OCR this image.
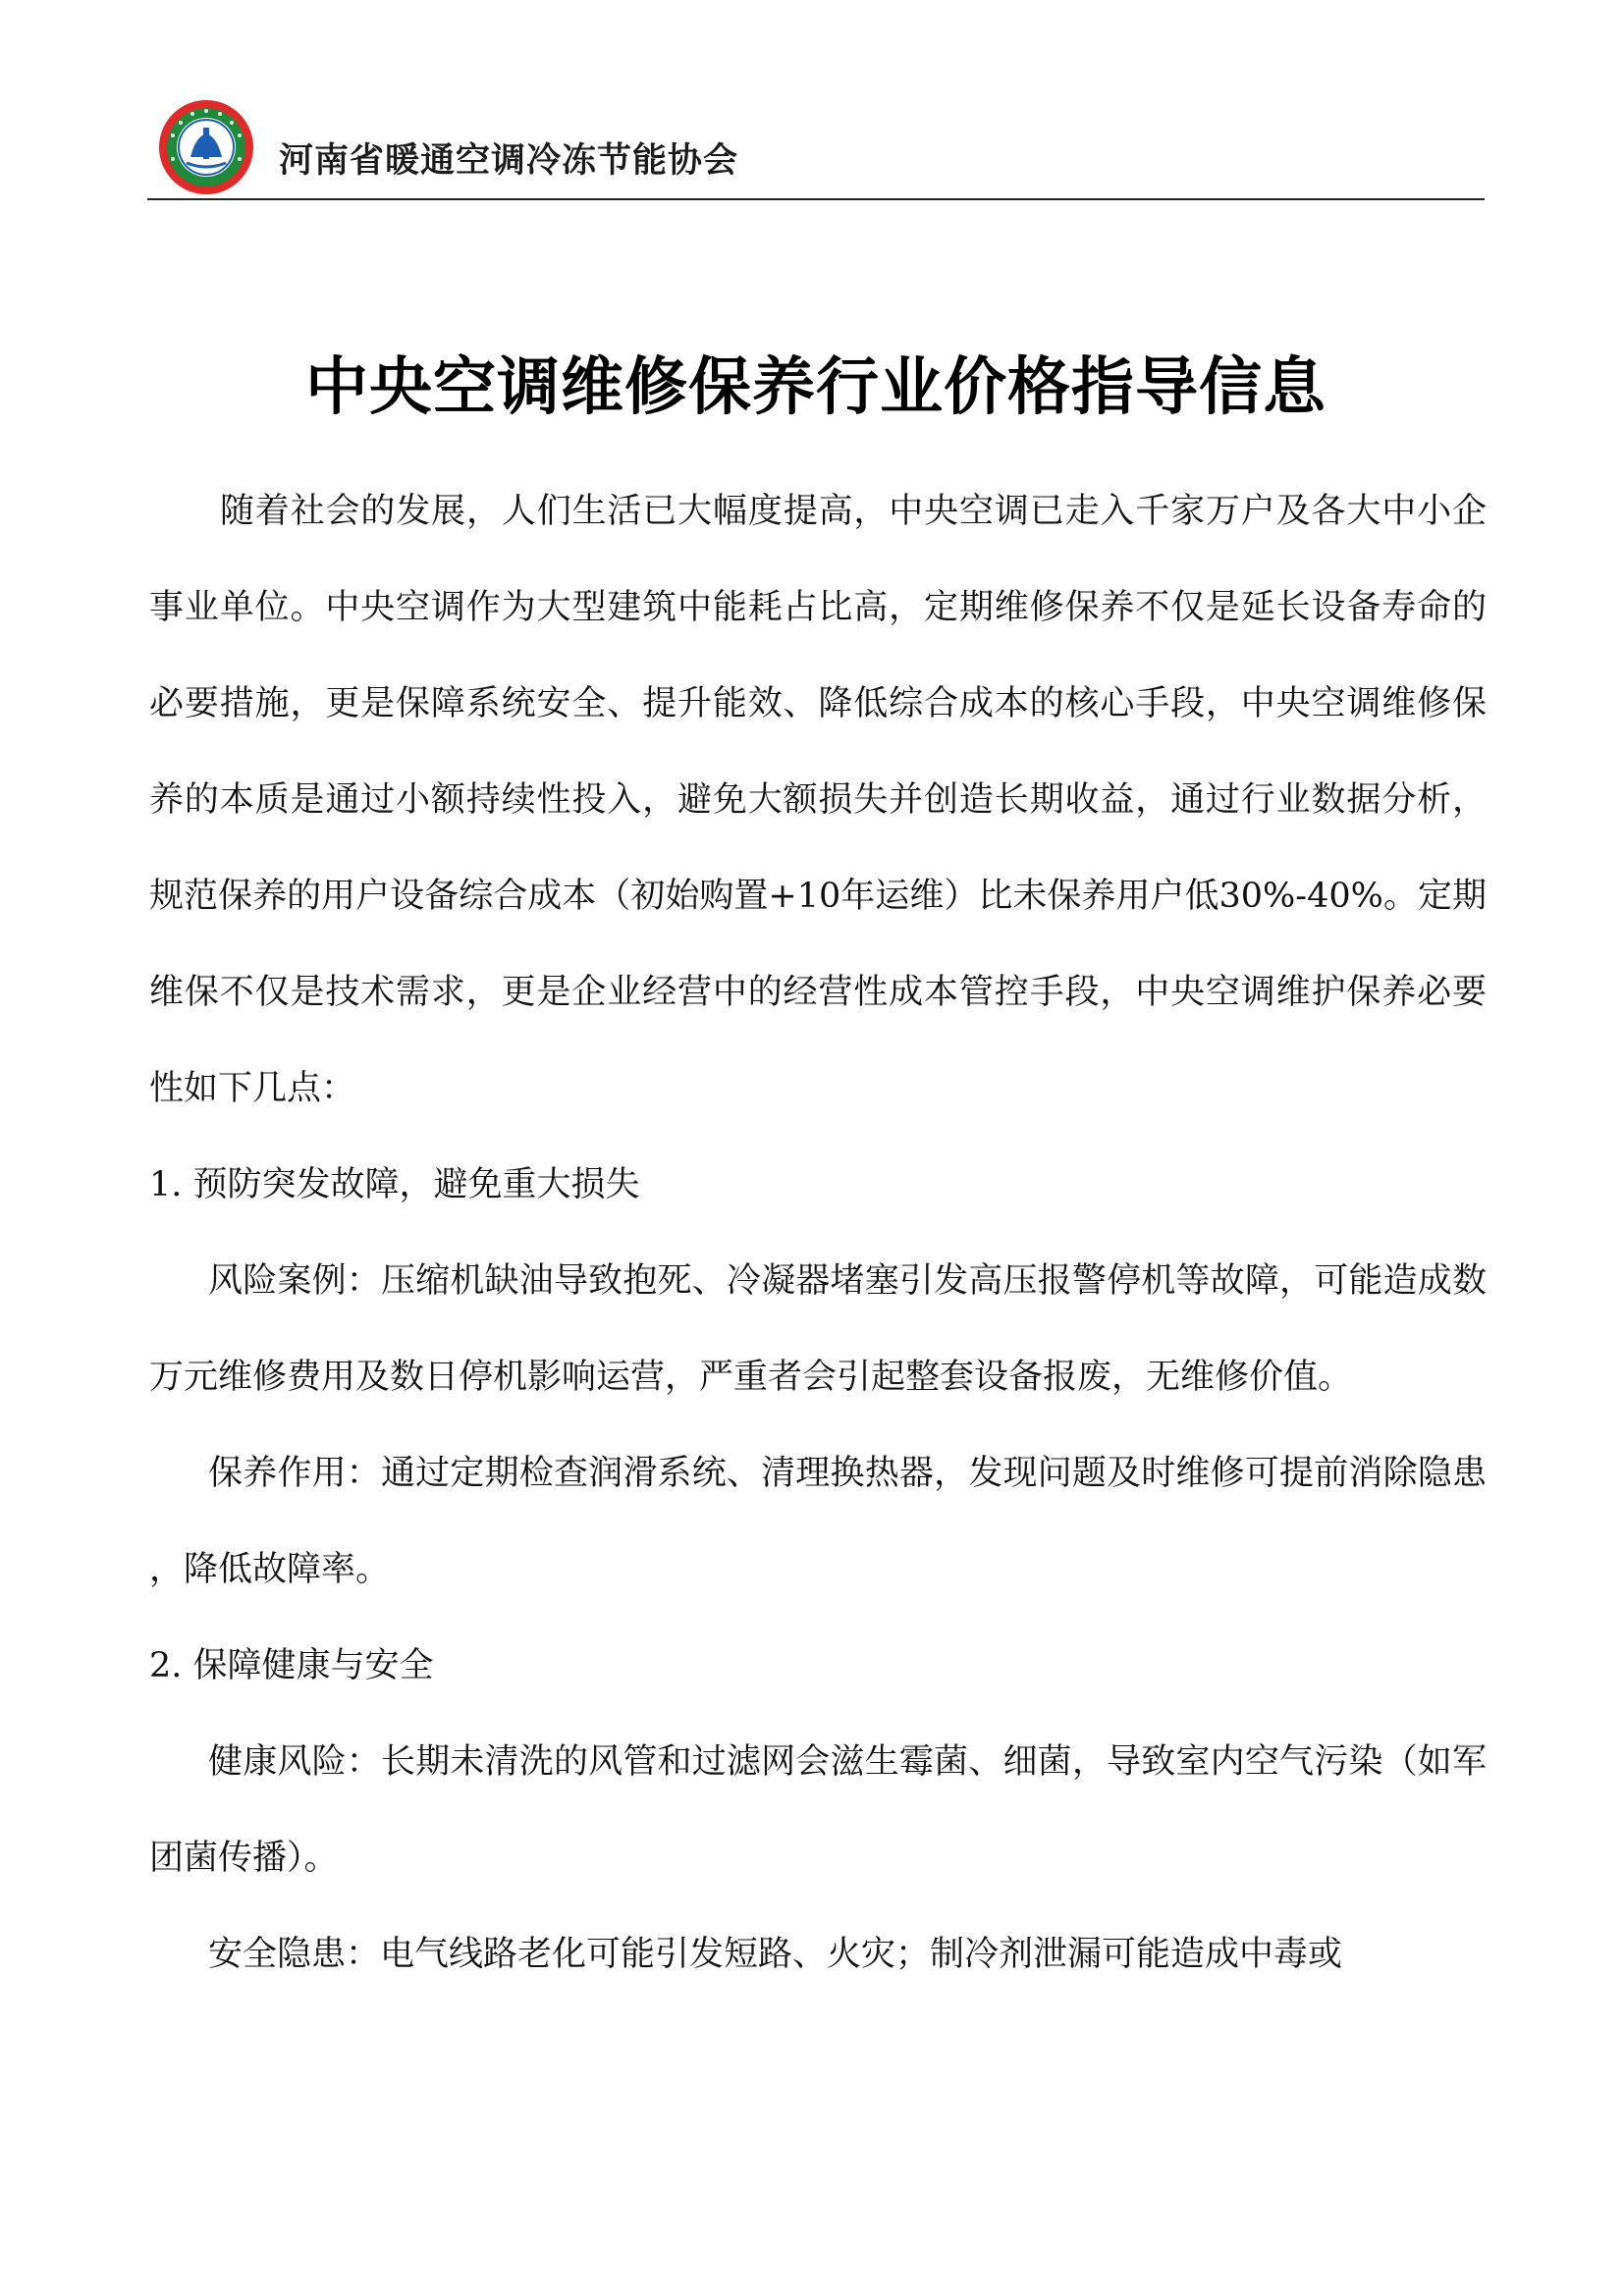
河南省暖通空调冷冻节能协会
中央空调维修保养行业价格指导信息

随着社会的发展，人们生活已大幅度提高，中央空调已走入千家万户及各大中小企事业单位。中央空调作为大型建筑中能耗占比高，定期维修保养不仅是延长设备寿命的必要措施，更是保障系统安全、提升能效、降低综合成本的核心手段，中央空调维修保养的本质是通过小额持续性投入，避免大额损失并创造长期收益，通过行业数据分析，规范保养的用户设备综合成本（初始购置+10年运维）比未保养用户低30%-40%。定期维保不仅是技术需求，更是企业经营中的经营性成本管控手段，中央空调维护保养必要性如下几点：

1. 预防突发故障，避免重大损失

风险案例：压缩机缺油导致抱死、冷凝器堵塞引发高压报警停机等故障，可能造成数万元维修费用及数日停机影响运营，严重者会引起整套设备报废，无维修价值。

保养作用：通过定期检查润滑系统、清理换热器，发现问题及时维修可提前消除隐患，降低故障率。

2. 保障健康与安全

健康风险：长期未清洗的风管和过滤网会滋生霉菌、细菌，导致室内空气污染（如军团菌传播）。

安全隐患：电气线路老化可能引发短路、火灾；制冷剂泄漏可能造成中毒或
